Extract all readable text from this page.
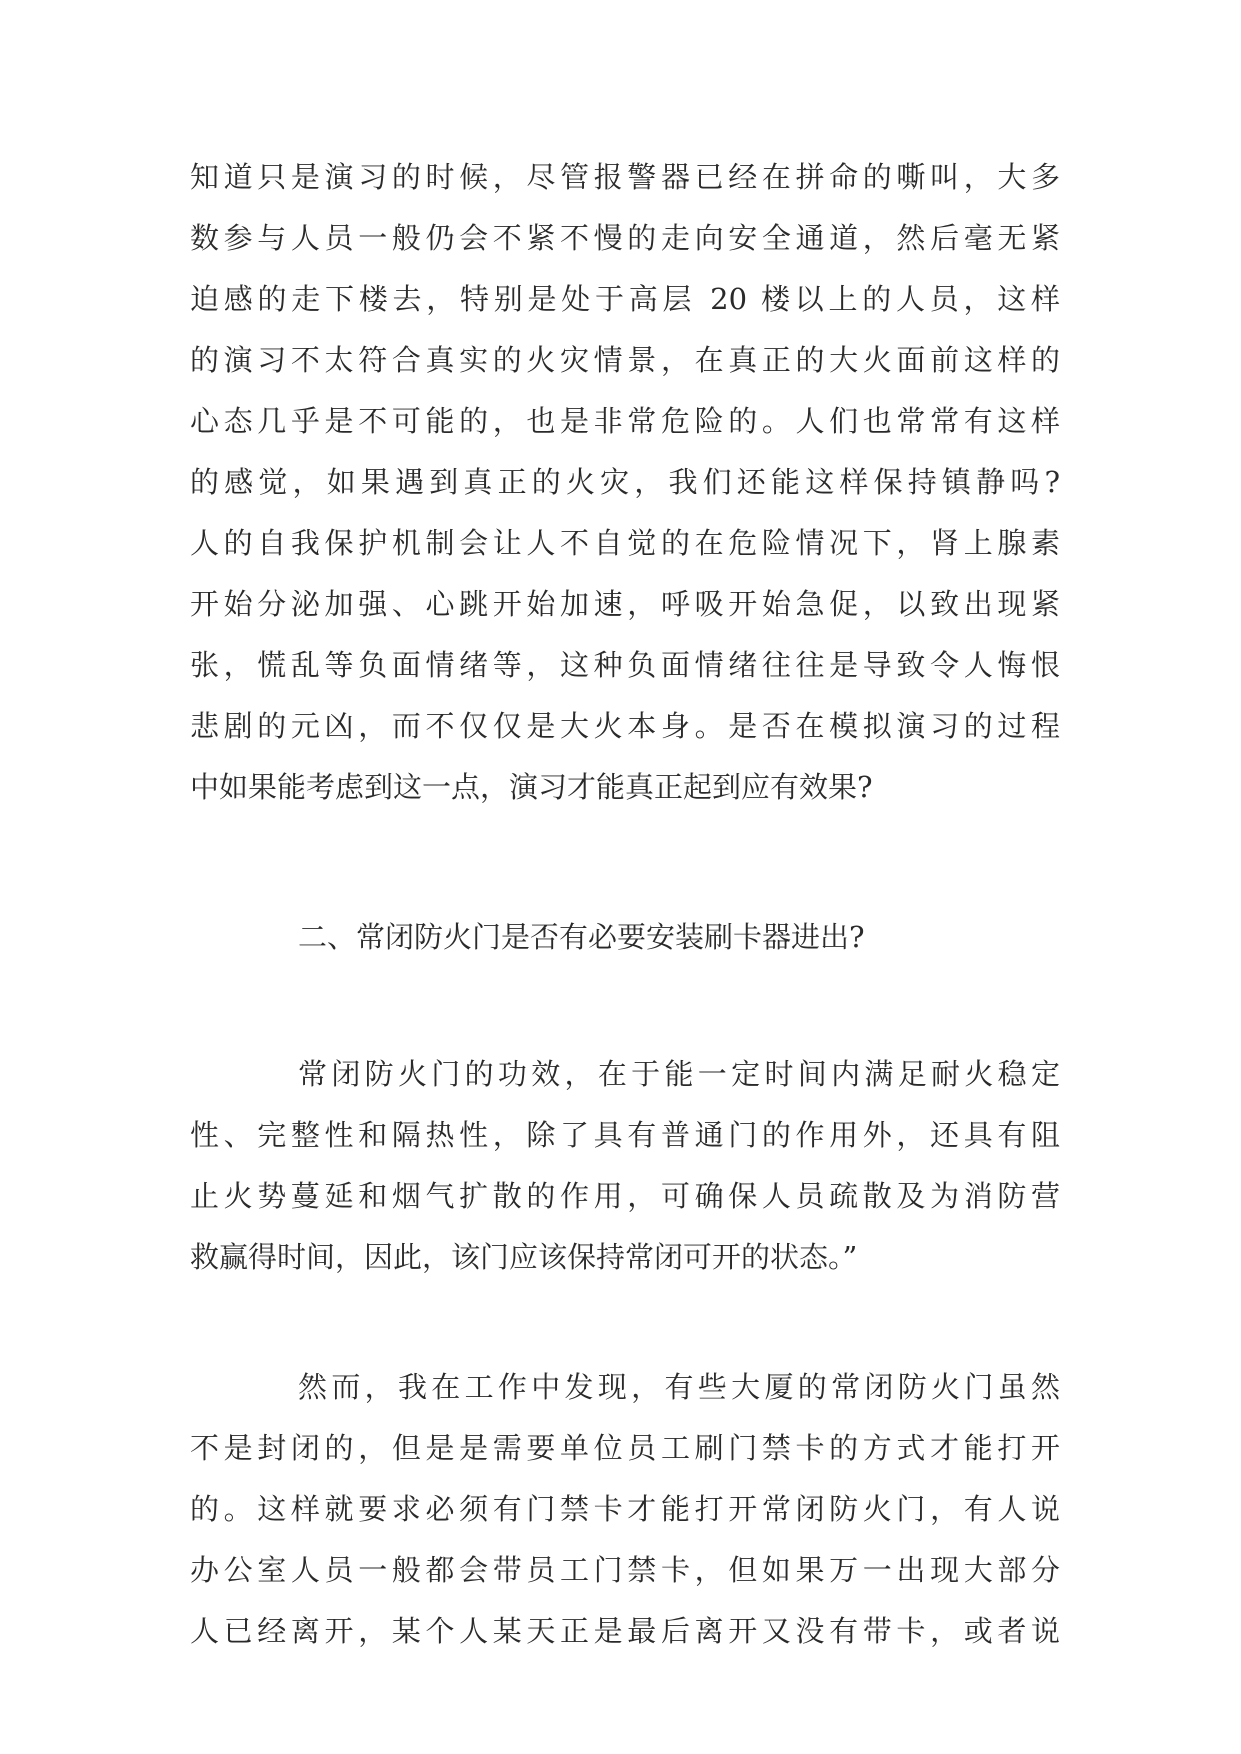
知道只是演习的时候，尽管报警器已经在拼命的嘶叫，大多
数参与人员一般仍会不紧不慢的走向安全通道，然后毫无紧
迫感的走下楼去，特别是处于高层 20 楼以上的人员，这样
的演习不太符合真实的火灾情景，在真正的大火面前这样的
心态几乎是不可能的，也是非常危险的。人们也常常有这样
的感觉，如果遇到真正的火灾，我们还能这样保持镇静吗?
人的自我保护机制会让人不自觉的在危险情况下，肾上腺素
开始分泌加强、心跳开始加速，呼吸开始急促，以致出现紧
张，慌乱等负面情绪等，这种负面情绪往往是导致令人悔恨
悲剧的元凶，而不仅仅是大火本身。是否在模拟演习的过程
中如果能考虑到这一点，演习才能真正起到应有效果?
二、常闭防火门是否有必要安装刷卡器进出?
常闭防火门的功效，在于能一定时间内满足耐火稳定
性、完整性和隔热性，除了具有普通门的作用外，还具有阻
止火势蔓延和烟气扩散的作用，可确保人员疏散及为消防营
救赢得时间，因此，该门应该保持常闭可开的状态。”
然而，我在工作中发现，有些大厦的常闭防火门虽然
不是封闭的，但是是需要单位员工刷门禁卡的方式才能打开
的。这样就要求必须有门禁卡才能打开常闭防火门，有人说
办公室人员一般都会带员工门禁卡，但如果万一出现大部分
人已经离开，某个人某天正是最后离开又没有带卡，或者说
